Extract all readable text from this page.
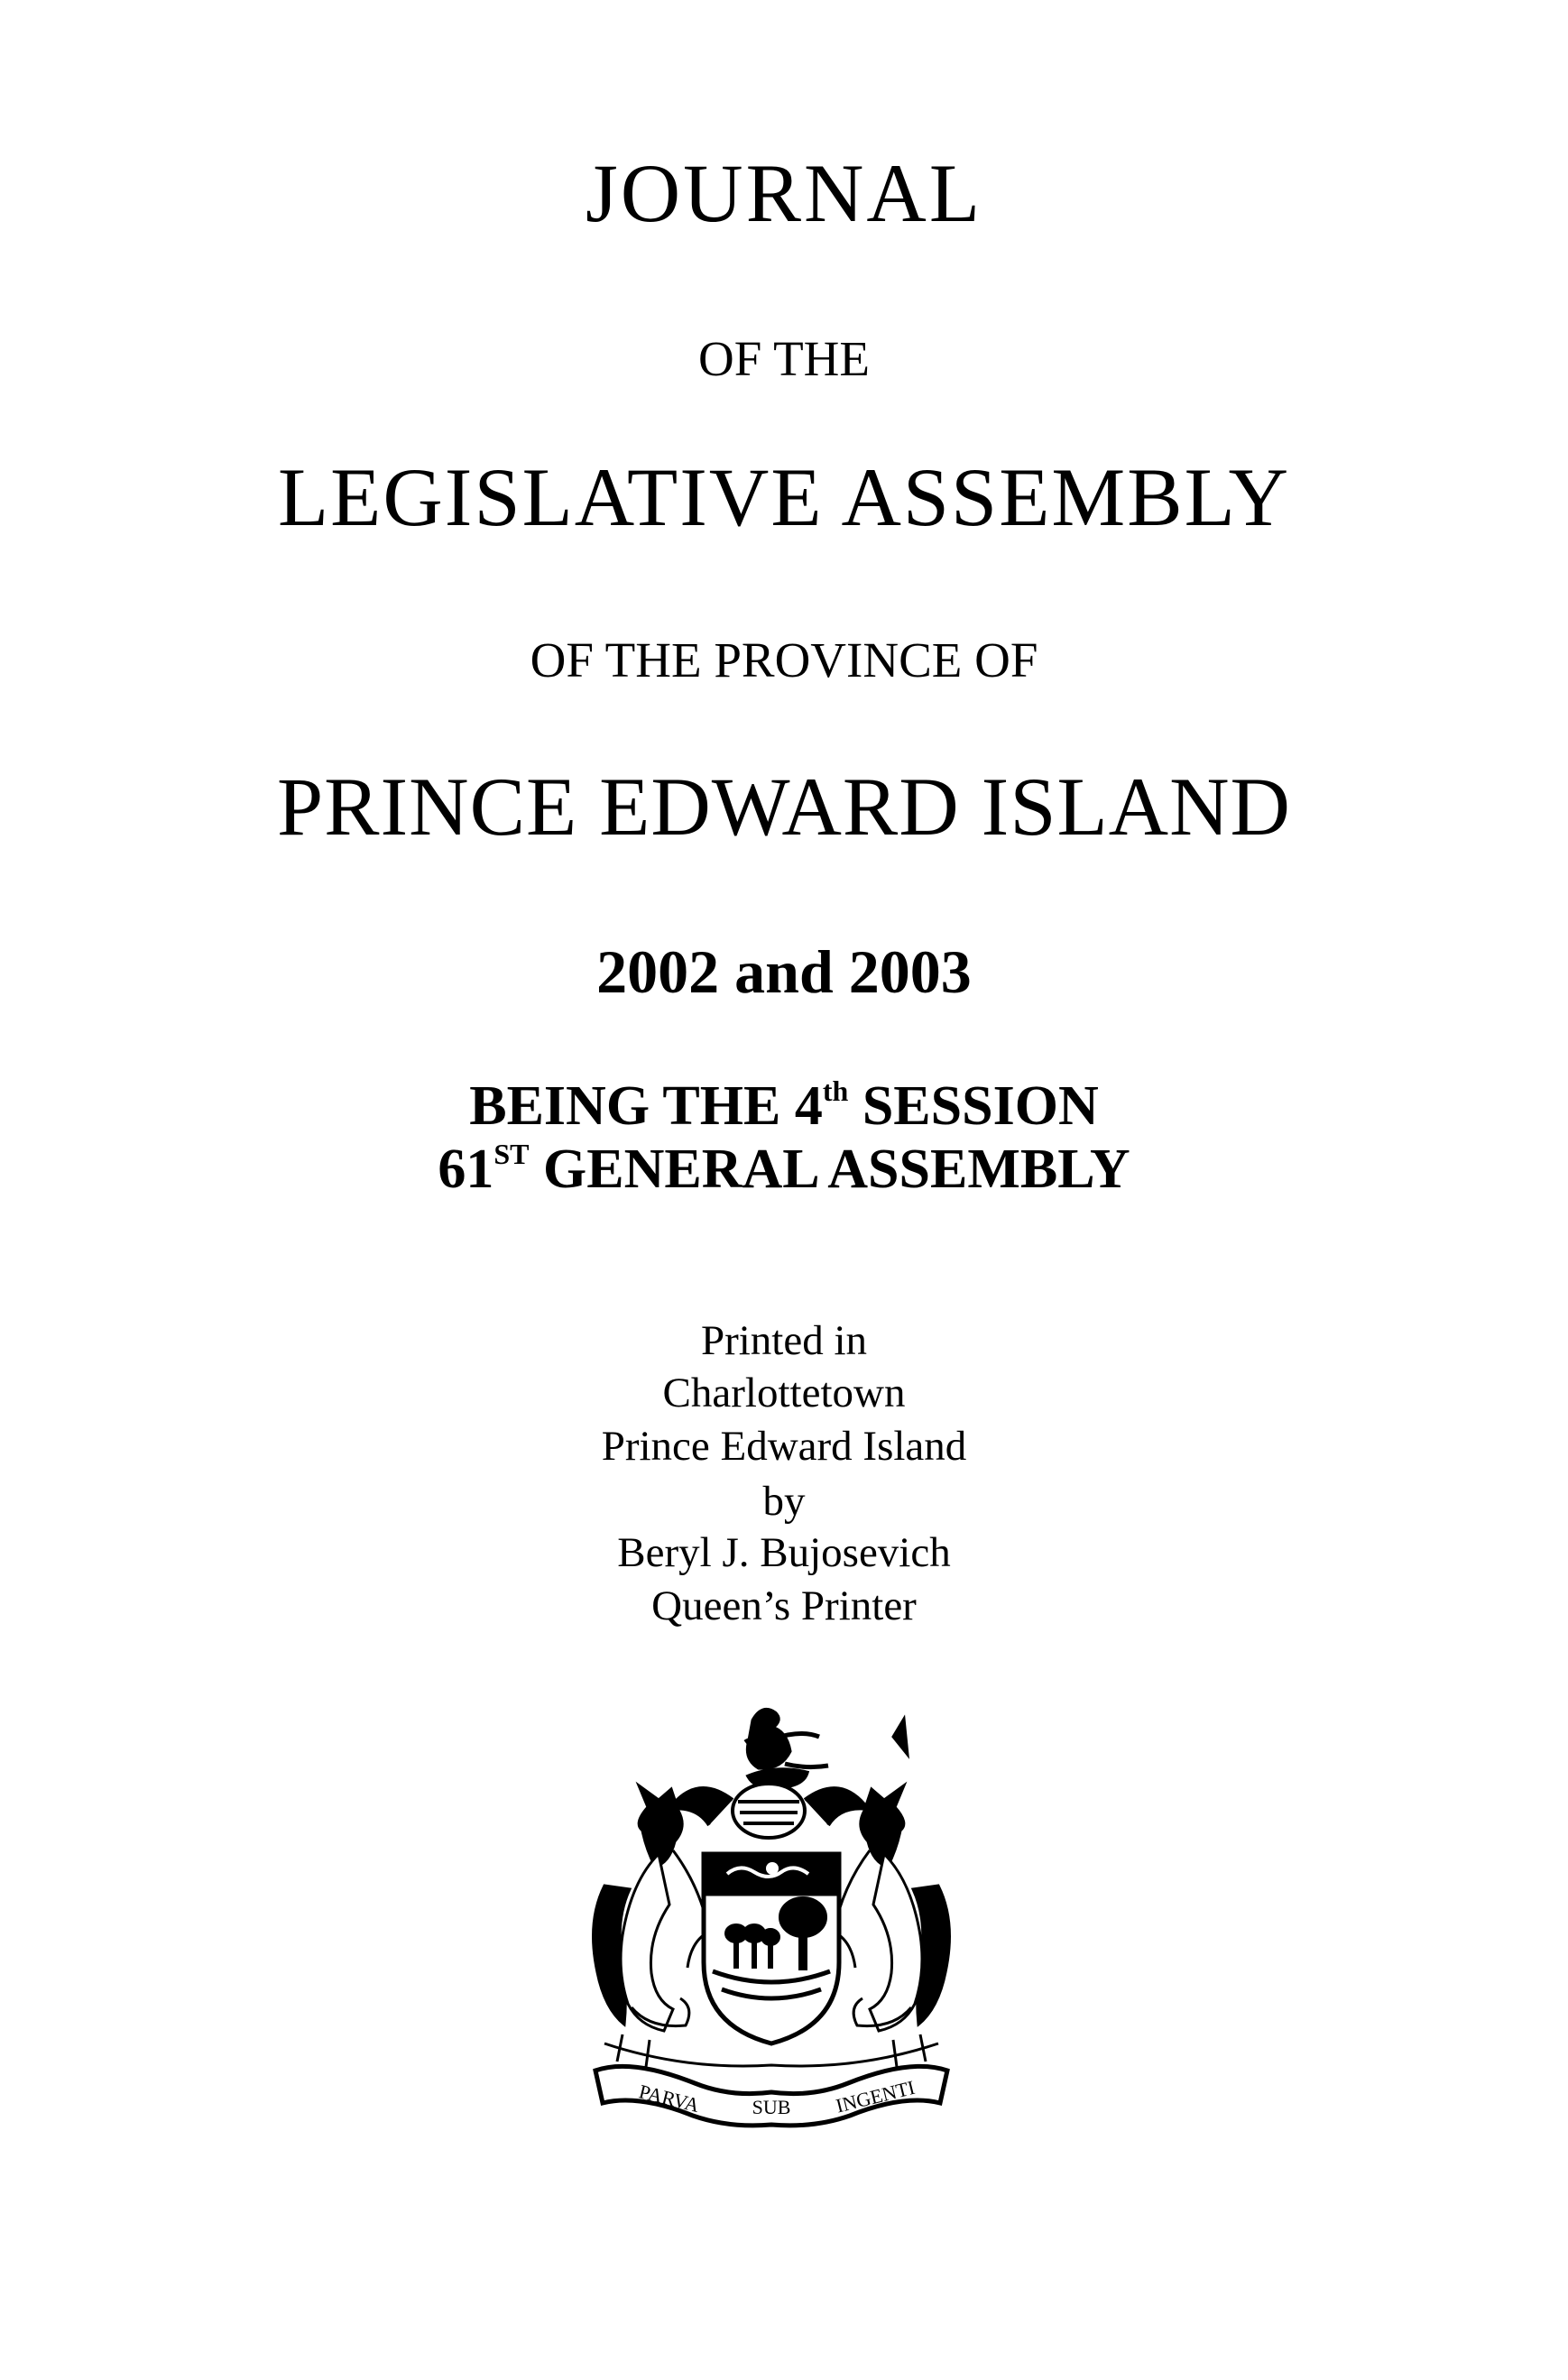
JOURNAL
OF THE
LEGISLATIVE ASSEMBLY
OF THE PROVINCE OF
PRINCE EDWARD ISLAND
2002 and 2003
BEING THE 4th SESSION
61ST GENERAL ASSEMBLY
Printed in
Charlottetown
Prince Edward Island
by
Beryl J. Bujosevich
Queen’s Printer
PARVA	SUB INGENTI
